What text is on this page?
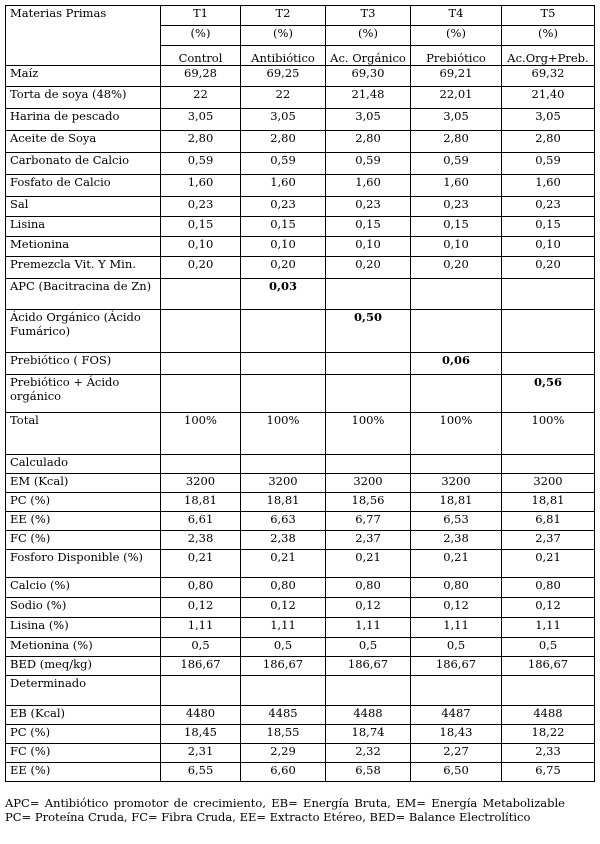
Materias Primas	T1	T2	T3	T4	T5
	(%)	(%)	(%)	(%)	(%)
	Control	Antibiótico	Ac. Orgánico	Prebiótico	Ac.Org+Preb.
Maíz	69,28	69,25	69,30	69,21	69,32
Torta de soya (48%)	22	22	21,48	22,01	21,40
Harina de pescado	3,05	3,05	3,05	3,05	3,05
Aceite de Soya	2,80	2,80	2,80	2,80	2,80
Carbonato de Calcio	0,59	0,59	0,59	0,59	0,59
Fosfato de Calcio	1,60	1,60	1,60	1,60	1,60
Sal	0,23	0,23	0,23	0,23	0,23
Lisina	0,15	0,15	0,15	0,15	0,15
Metionina	0,10	0,10	0,10	0,10	0,10
Premezcla Vit. Y Min.	0,20	0,20	0,20	0,20	0,20
APC (Bacitracina de Zn)		0,03			
Ácido Orgánico (Ácido Fumárico)			0,50		
Prebiótico ( FOS)				0,06	
Prebiótico + Ácido orgánico					0,56
Total	100%	100%	100%	100%	100%
Calculado					
EM (Kcal)	3200	3200	3200	3200	3200
PC (%)	18,81	18,81	18,56	18,81	18,81
EE (%)	6,61	6,63	6,77	6,53	6,81
FC (%)	2,38	2,38	2,37	2,38	2,37
Fosforo Disponible (%)	0,21	0,21	0,21	0,21	0,21
Calcio (%)	0,80	0,80	0,80	0,80	0,80
Sodio (%)	0,12	0,12	0,12	0,12	0,12
Lisina (%)	1,11	1,11	1,11	1,11	1,11
Metionina (%)	0,5	0,5	0,5	0,5	0,5
BED (meq/kg)	186,67	186,67	186,67	186,67	186,67
Determinado					
EB (Kcal)	4480	4485	4488	4487	4488
PC (%)	18,45	18,55	18,74	18,43	18,22
FC (%)	2,31	2,29	2,32	2,27	2,33
EE (%)	6,55	6,60	6,58	6,50	6,75
APC= Antibiótico promotor de crecimiento, EB= Energía Bruta, EM= Energía Metabolizable PC= Proteína Cruda, FC= Fibra Cruda, EE= Extracto Etéreo, BED= Balance Electrolítico
